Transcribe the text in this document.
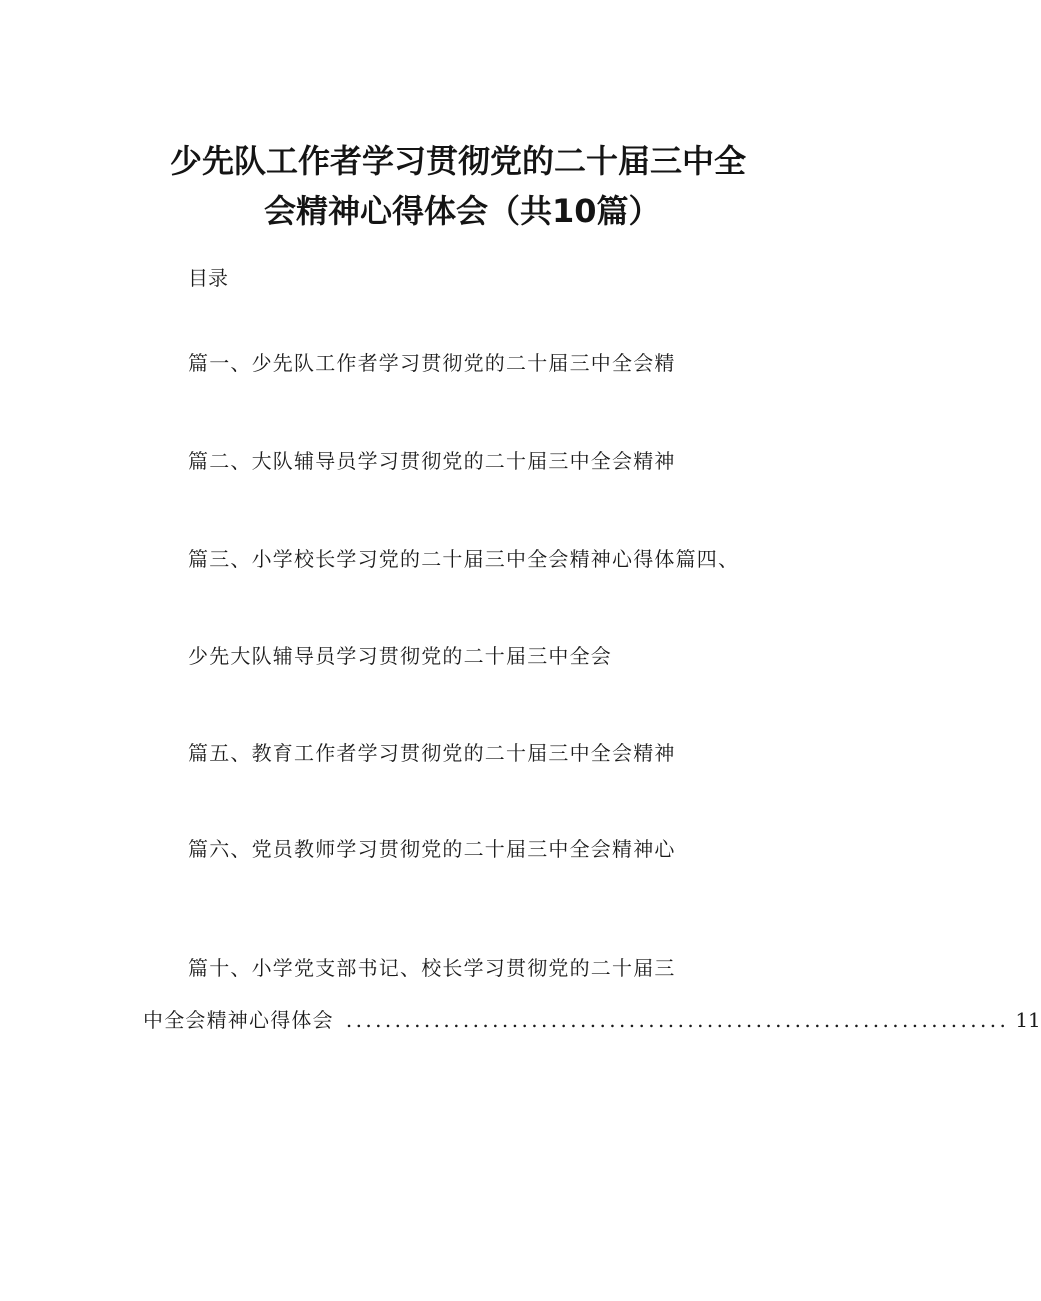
少先队工作者学习贯彻党的二十届三中全
会精神心得体会（共10篇）
目录
篇一、少先队工作者学习贯彻党的二十届三中全会精
篇二、大队辅导员学习贯彻党的二十届三中全会精神
篇三、小学校长学习党的二十届三中全会精神心得体篇四、
少先大队辅导员学习贯彻党的二十届三中全会
篇五、教育工作者学习贯彻党的二十届三中全会精神
篇六、党员教师学习贯彻党的二十届三中全会精神心
篇十、小学党支部书记、校长学习贯彻党的二十届三
中全会精神心得体会 .................................................................... 11
